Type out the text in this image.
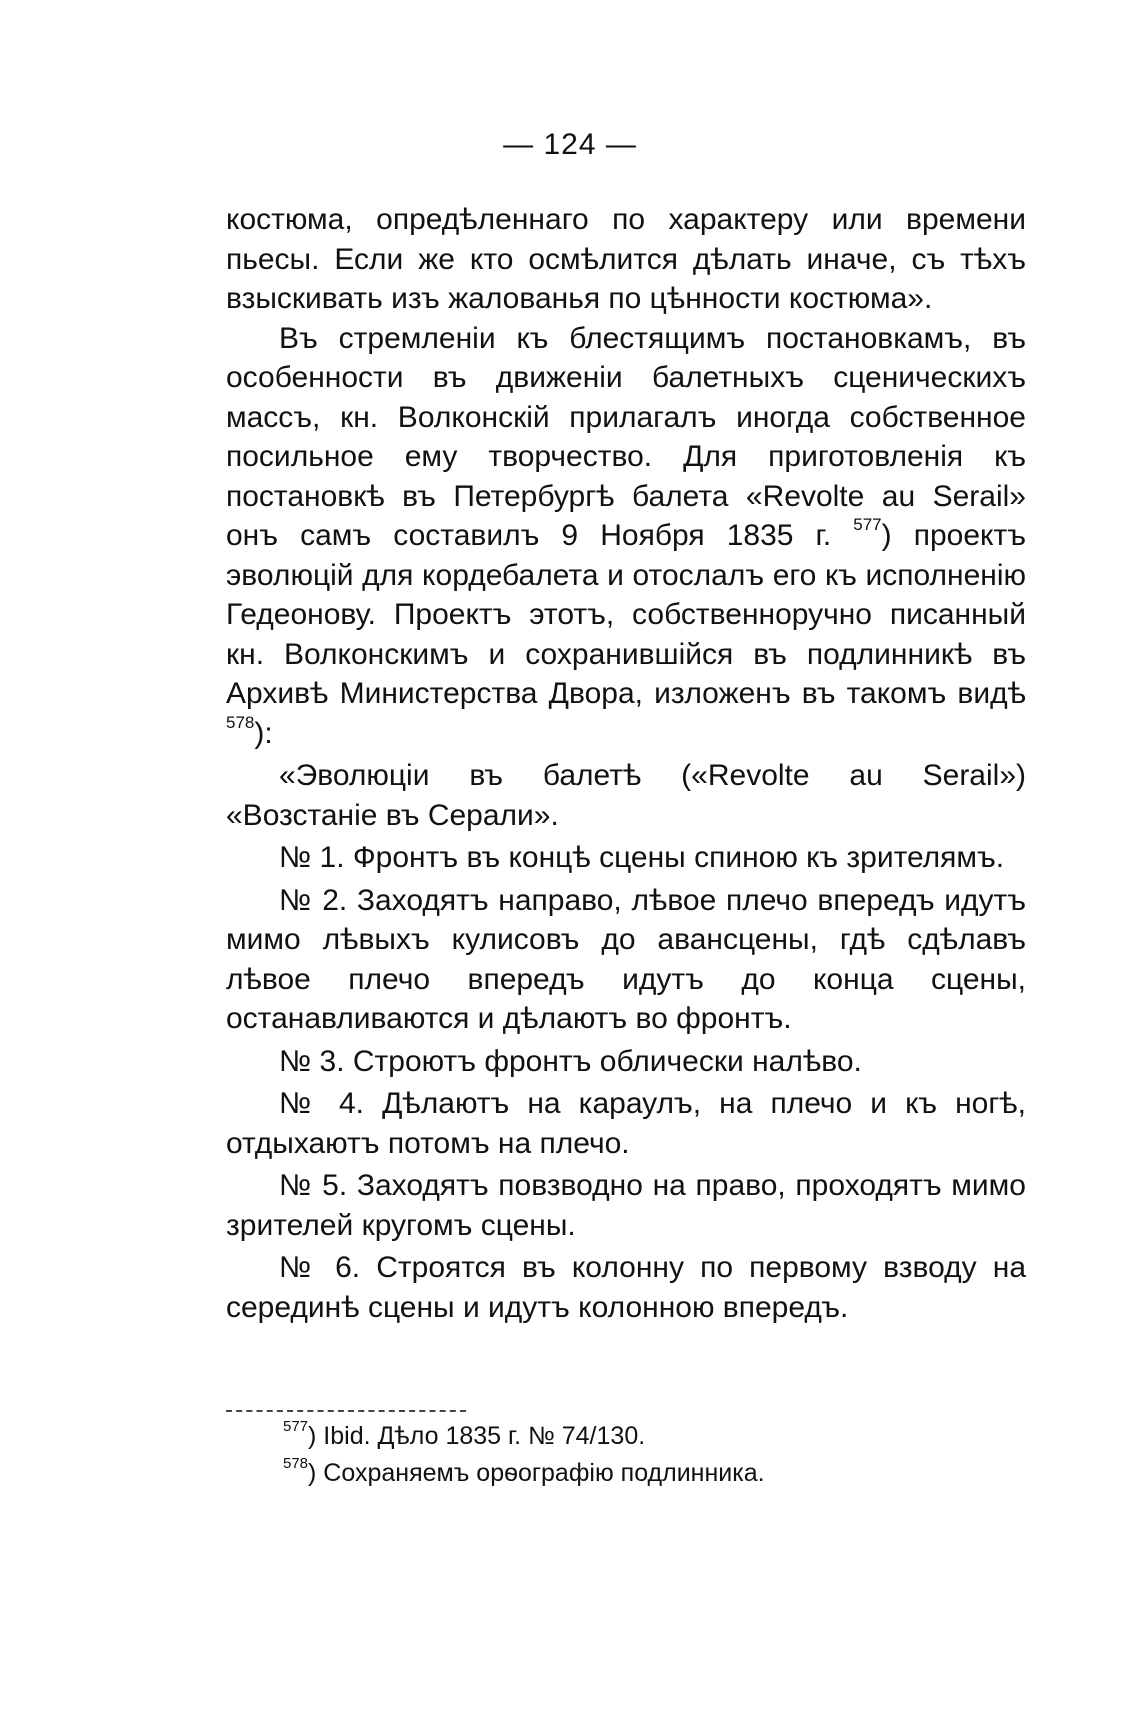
— 124 —

костюма, опредѣленнаго по характеру или времени пьесы. Если же кто осмѣлится дѣлать иначе, съ тѣхъ взыскивать изъ жалованья по цѣнности костюма».

Въ стремленіи къ блестящимъ постановкамъ, въ особенности въ движеніи балетныхъ сценическихъ массъ, кн. Волконскій прилагалъ иногда собственное посильное ему творчество. Для приготовленія къ постановкѣ въ Петербургѣ балета «Revolte au Serail» онъ самъ составилъ 9 Ноября 1835 г. $^{577}$) проектъ эволюцій для кордебалета и отослалъ его къ исполненію Гедеонову. Проектъ этотъ, собственноручно писанный кн. Волконскимъ и сохранившійся въ подлинникѣ въ Архивѣ Министерства Двора, изложенъ въ такомъ видѣ $^{578}$):

«Эволюціи въ балетѣ («Revolte au Serail») «Возстаніе въ Серали».

№ 1. Фронтъ въ концѣ сцены спиною къ зрителямъ.

№ 2. Заходятъ направо, лѣвое плечо впередъ идутъ мимо лѣвыхъ кулисовъ до авансцены, гдѣ сдѣлавъ лѣвое плечо впередъ идутъ до конца сцены, останавливаются и дѣлаютъ во фронтъ.

№ 3. Строютъ фронтъ облически налѣво.

№ 4. Дѣлаютъ на караулъ, на плечо и къ ногѣ, отдыхаютъ потомъ на плечо.

№ 5. Заходятъ повзводно на право, проходятъ мимо зрителей кругомъ сцены.

№ 6. Строятся въ колонну по первому взводу на серединѣ сцены и идутъ колонною впередъ.

$^{577}$) Ibid. Дѣло 1835 г. № 74/130.

$^{578}$) Сохраняемъ орѳографію подлинника.
